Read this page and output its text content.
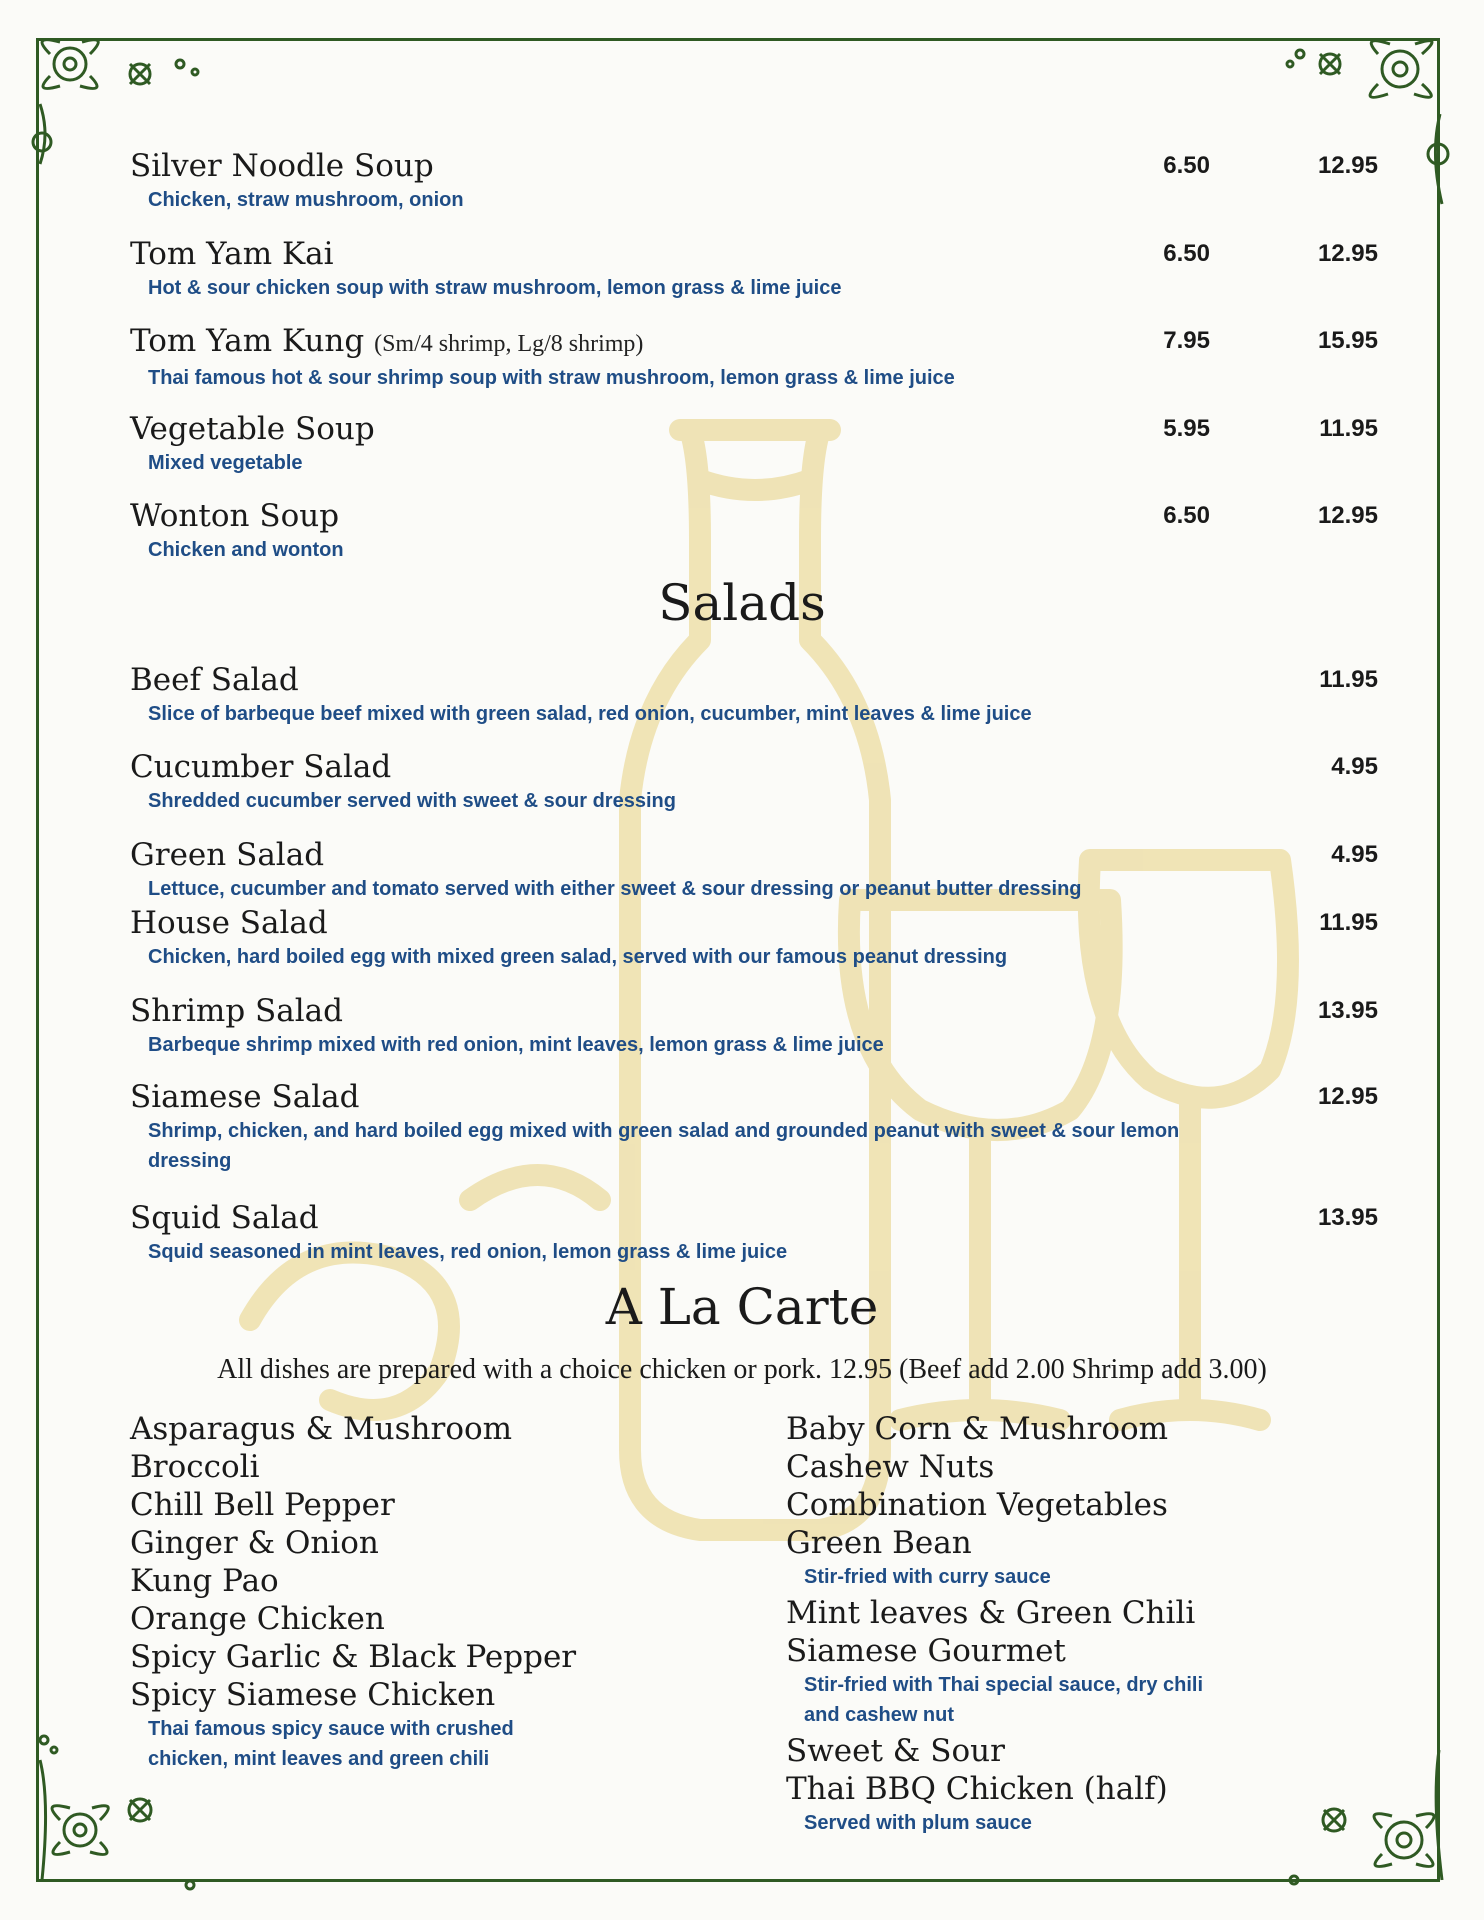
Silver Noodle Soup
Chicken, straw mushroom, onion
6.50	12.95
Tom Yam Kai
Hot & sour chicken soup with straw mushroom, lemon grass & lime juice
6.50	12.95
Tom Yam Kung (Sm/4 shrimp, Lg/8 shrimp)
Thai famous hot & sour shrimp soup with straw mushroom, lemon grass & lime juice
7.95	15.95
Vegetable Soup
Mixed vegetable
5.95	11.95
Wonton Soup
Chicken and wonton
6.50	12.95
Salads
Beef Salad
Slice of barbeque beef mixed with green salad, red onion, cucumber, mint leaves & lime juice
11.95
Cucumber Salad
Shredded cucumber served with sweet & sour dressing
4.95
Green Salad
Lettuce, cucumber and tomato served with either sweet & sour dressing or peanut butter dressing
4.95
House Salad
Chicken, hard boiled egg with mixed green salad, served with our famous peanut dressing
11.95
Shrimp Salad
Barbeque shrimp mixed with red onion, mint leaves, lemon grass & lime juice
13.95
Siamese Salad
Shrimp, chicken, and hard boiled egg mixed with green salad and grounded peanut with sweet & sour lemon dressing
12.95
Squid Salad
Squid seasoned in mint leaves, red onion, lemon grass & lime juice
13.95
A La Carte
All dishes are prepared with a choice chicken or pork. 12.95 (Beef add 2.00 Shrimp add 3.00)
Asparagus & Mushroom
Broccoli
Chill Bell Pepper
Ginger & Onion
Kung Pao
Orange Chicken
Spicy Garlic & Black Pepper
Spicy Siamese Chicken
Thai famous spicy sauce with crushed chicken, mint leaves and green chili
Baby Corn & Mushroom
Cashew Nuts
Combination Vegetables
Green Bean
Stir-fried with curry sauce
Mint leaves & Green Chili
Siamese Gourmet
Stir-fried with Thai special sauce, dry chili and cashew nut
Sweet & Sour
Thai BBQ Chicken (half)
Served with plum sauce
